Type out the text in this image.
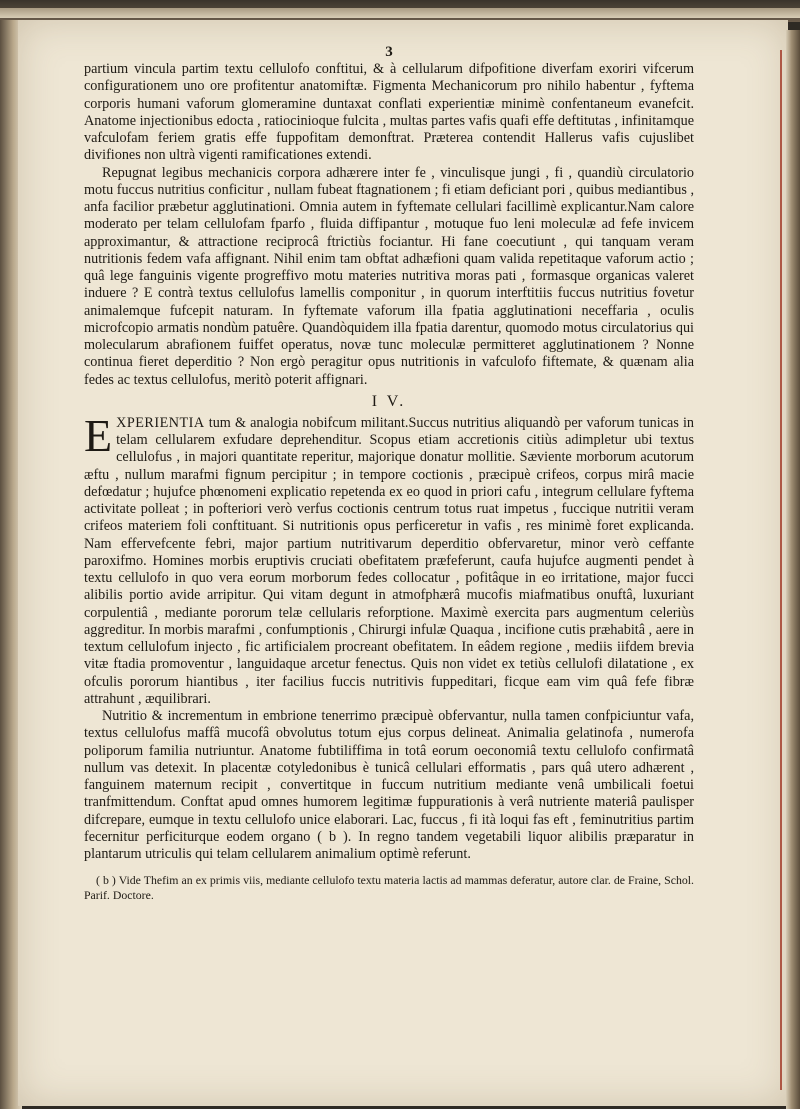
3

partium vincula partim textu cellulofo conftitui, & à cellularum difpofitione diverfam exoriri vifcerum configurationem uno ore profitentur anatomiftæ. Figmenta Mechanicorum pro nihilo habentur , fyftema corporis humani vaforum glomeramine duntaxat conflati experientiæ minimè confentaneum evanefcit. Anatome injectionibus edocta , ratiocinioque fulcita , multas partes vafis quafi effe deftitutas , infinitamque vafculofam feriem gratis effe fuppofitam demonftrat. Præterea contendit Hallerus vafis cujuslibet divifiones non ultrà vigenti ramificationes extendi.

Repugnat legibus mechanicis corpora adhærere inter fe , vinculisque jungi , fi , quandiù circulatorio motu fuccus nutritius conficitur , nullam fubeat ftagnationem ; fi etiam deficiant pori , quibus mediantibus , anfa facilior præbetur agglutinationi. Omnia autem in fyftemate cellulari facillimè explicantur.Nam calore moderato per telam cellulofam fparfo , fluida diffipantur , motuque fuo leni moleculæ ad fefe invicem approximantur, & attractione reciprocâ ftrictiùs fociantur. Hi fane coecutiunt , qui tanquam veram nutritionis fedem vafa affignant. Nihil enim tam obftat adhæfioni quam valida repetitaque vaforum actio ; quâ lege fanguinis vigente progreffivo motu materies nutritiva moras pati , formasque organicas valeret induere ? E contrà textus cellulofus lamellis componitur , in quorum interftitiis fuccus nutritius fovetur animalemque fufcepit naturam. In fyftemate vaforum illa fpatia agglutinationi neceffaria , oculis microfcopio armatis nondùm patuêre. Quandòquidem illa fpatia darentur, quomodo motus circulatorius qui molecularum abrafionem fuiffet operatus, novæ tunc moleculæ permitteret agglutinationem ? Nonne continua fieret deperditio ? Non ergò peragitur opus nutritionis in vafculofo fiftemate, & quænam alia fedes ac textus cellulofus, meritò poterit affignari.

I V.

EXPERIENTIA tum & analogia nobifcum militant.Succus nutritius aliquandò per vaforum tunicas in telam cellularem exfudare deprehenditur. Scopus etiam accretionis citiùs adimpletur ubi textus cellulofus , in majori quantitate reperitur, majorique donatur mollitie. Sæviente morborum acutorum æftu , nullum marafmi fignum percipitur ; in tempore coctionis , præcipuè crifeos, corpus mirâ macie defœdatur ; hujufce phœnomeni explicatio repetenda ex eo quod in priori cafu , integrum cellulare fyftema activitate polleat ; in pofteriori verò verfus coctionis centrum totus ruat impetus , fuccique nutritii veram crifeos materiem foli conftituant. Si nutritionis opus perficeretur in vafis , res minimè foret explicanda. Nam effervefcente febri, major partium nutritivarum deperditio obfervaretur, minor verò ceffante paroxifmo. Homines morbis eruptivis cruciati obefitatem præfeferunt, caufa hujufce augmenti pendet à textu cellulofo in quo vera eorum morborum fedes collocatur , pofitâque in eo irritatione, major fucci alibilis portio avide arripitur. Qui vitam degunt in atmofphærâ mucofis miafmatibus onuftâ, luxuriant corpulentiâ , mediante pororum telæ cellularis reforptione. Maximè exercita pars augmentum celeriùs aggreditur. In morbis marafmi , confumptionis , Chirurgi infulæ Quaqua , incifione cutis præhabitâ , aere in textum cellulofum injecto , fic artificialem procreant obefitatem. In eâdem regione , mediis iifdem brevia vitæ ftadia promoventur , languidaque arcetur fenectus. Quis non videt ex tetiùs cellulofi dilatatione , ex ofculis pororum hiantibus , iter facilius fuccis nutritivis fuppeditari, ficque eam vim quâ fefe fibræ attrahunt , æquilibrari.

Nutritio & incrementum in embrione tenerrimo præcipuè obfervantur, nulla tamen confpiciuntur vafa, textus cellulofus maffâ mucofâ obvolutus totum ejus corpus delineat. Animalia gelatinofa , numerofa poliporum familia nutriuntur. Anatome fubtiliffima in totâ eorum oeconomiâ textu cellulofo confirmatâ nullum vas detexit. In placentæ cotyledonibus è tunicâ cellulari efformatis , pars quâ utero adhærent , fanguinem maternum recipit , convertitque in fuccum nutritium mediante venâ umbilicali foetui tranfmittendum. Conftat apud omnes humorem legitimæ fuppurationis à verâ nutriente materiâ paulisper difcrepare, eumque in textu cellulofo unice elaborari. Lac, fuccus , fi ità loqui fas eft , feminutritius partim fecernitur perficiturque eodem organo ( b ). In regno tandem vegetabili liquor alibilis præparatur in plantarum utriculis qui telam cellularem animalium optimè referunt.

( b ) Vide Thefim an ex primis viis, mediante cellulofo textu materia lactis ad mammas deferatur, autore clar. de Fraine, Schol. Parif. Doctore.
